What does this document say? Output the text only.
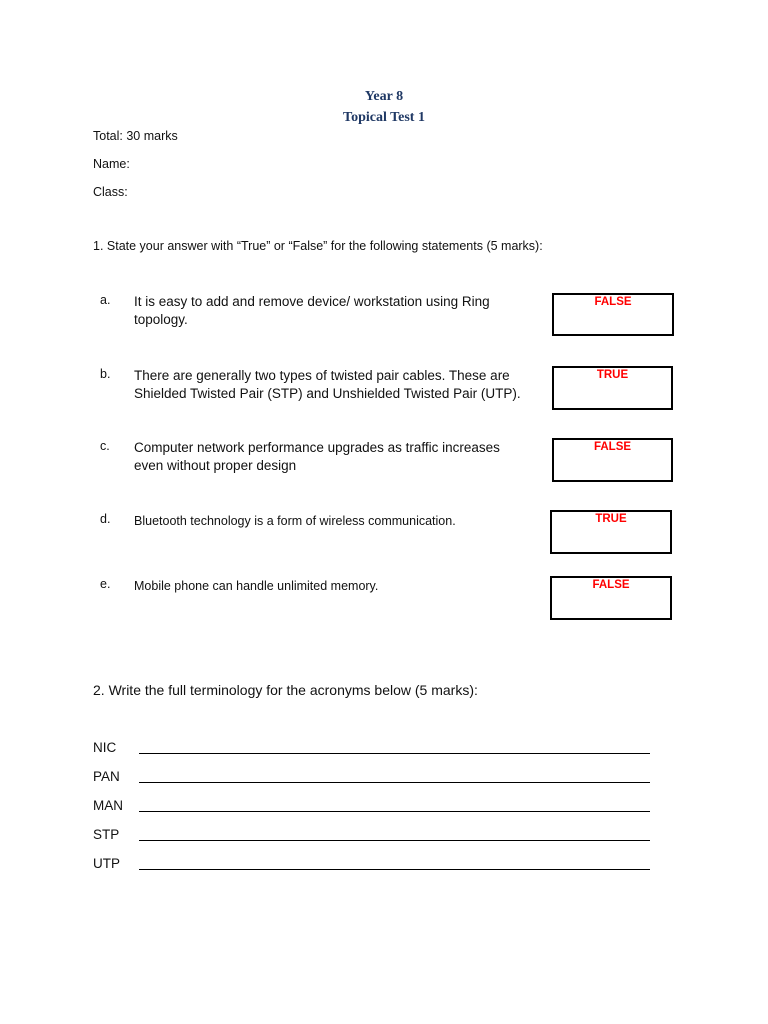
Year 8
Topical Test 1
Total: 30 marks
Name:
Class:
1. State your answer with “True” or “False” for the following statements (5 marks):
a. It is easy to add and remove device/ workstation using Ring topology.
FALSE
b. There are generally two types of twisted pair cables. These are Shielded Twisted Pair (STP) and Unshielded Twisted Pair (UTP).
TRUE
c. Computer network performance upgrades as traffic increases even without proper design
FALSE
d. Bluetooth technology is a form of wireless communication.	TRUE
e. Mobile phone can handle unlimited memory.	FALSE
2. Write the full terminology for the acronyms below (5 marks):
NIC
PAN
MAN
STP
UTP
